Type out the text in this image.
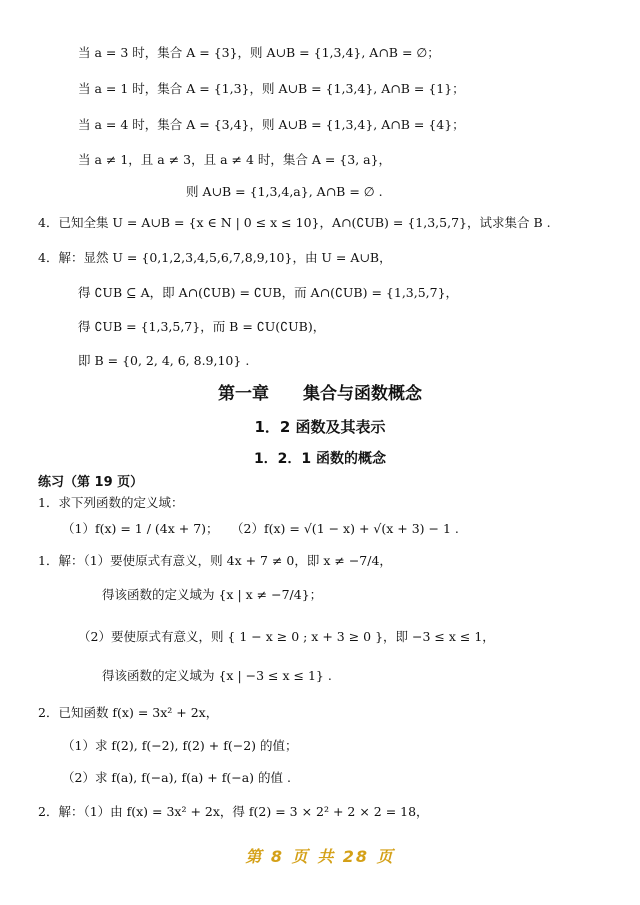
当 a = 3 时，集合 A = {3}，则 A∪B = {1,3,4}, A∩B = ∅；
当 a = 1 时，集合 A = {1,3}，则 A∪B = {1,3,4}, A∩B = {1}；
当 a = 4 时，集合 A = {3,4}，则 A∪B = {1,3,4}, A∩B = {4}；
当 a ≠ 1，且 a ≠ 3，且 a ≠ 4 时，集合 A = {3, a}，
则 A∪B = {1,3,4,a}, A∩B = ∅ .
4．已知全集 U = A∪B = {x ∈ N | 0 ≤ x ≤ 10}，A∩(∁UB) = {1,3,5,7}，试求集合 B .
4．解：显然 U = {0,1,2,3,4,5,6,7,8,9,10}，由 U = A∪B，
得 ∁UB ⊆ A，即 A∩(∁UB) = ∁UB，而 A∩(∁UB) = {1,3,5,7}，
得 ∁UB = {1,3,5,7}，而 B = ∁U(∁UB)，
即 B = {0, 2, 4, 6, 8.9,10} .
第一章　　集合与函数概念
1．2 函数及其表示
1．2．1 函数的概念
练习（第 19 页）
1．求下列函数的定义域：
（1）f(x) = 1 / (4x + 7)；　　（2）f(x) = √(1 − x) + √(x + 3) − 1 .
1．解：（1）要使原式有意义，则 4x + 7 ≠ 0，即 x ≠ −7/4，
得该函数的定义域为 {x | x ≠ −7/4}；
（2）要使原式有意义，则 { 1 − x ≥ 0 ; x + 3 ≥ 0 }，即 −3 ≤ x ≤ 1，
得该函数的定义域为 {x | −3 ≤ x ≤ 1} .
2．已知函数 f(x) = 3x² + 2x，
（1）求 f(2), f(−2), f(2) + f(−2) 的值；
（2）求 f(a), f(−a), f(a) + f(−a) 的值 .
2．解：（1）由 f(x) = 3x² + 2x，得 f(2) = 3 × 2² + 2 × 2 = 18，
第 8 页 共 28 页
